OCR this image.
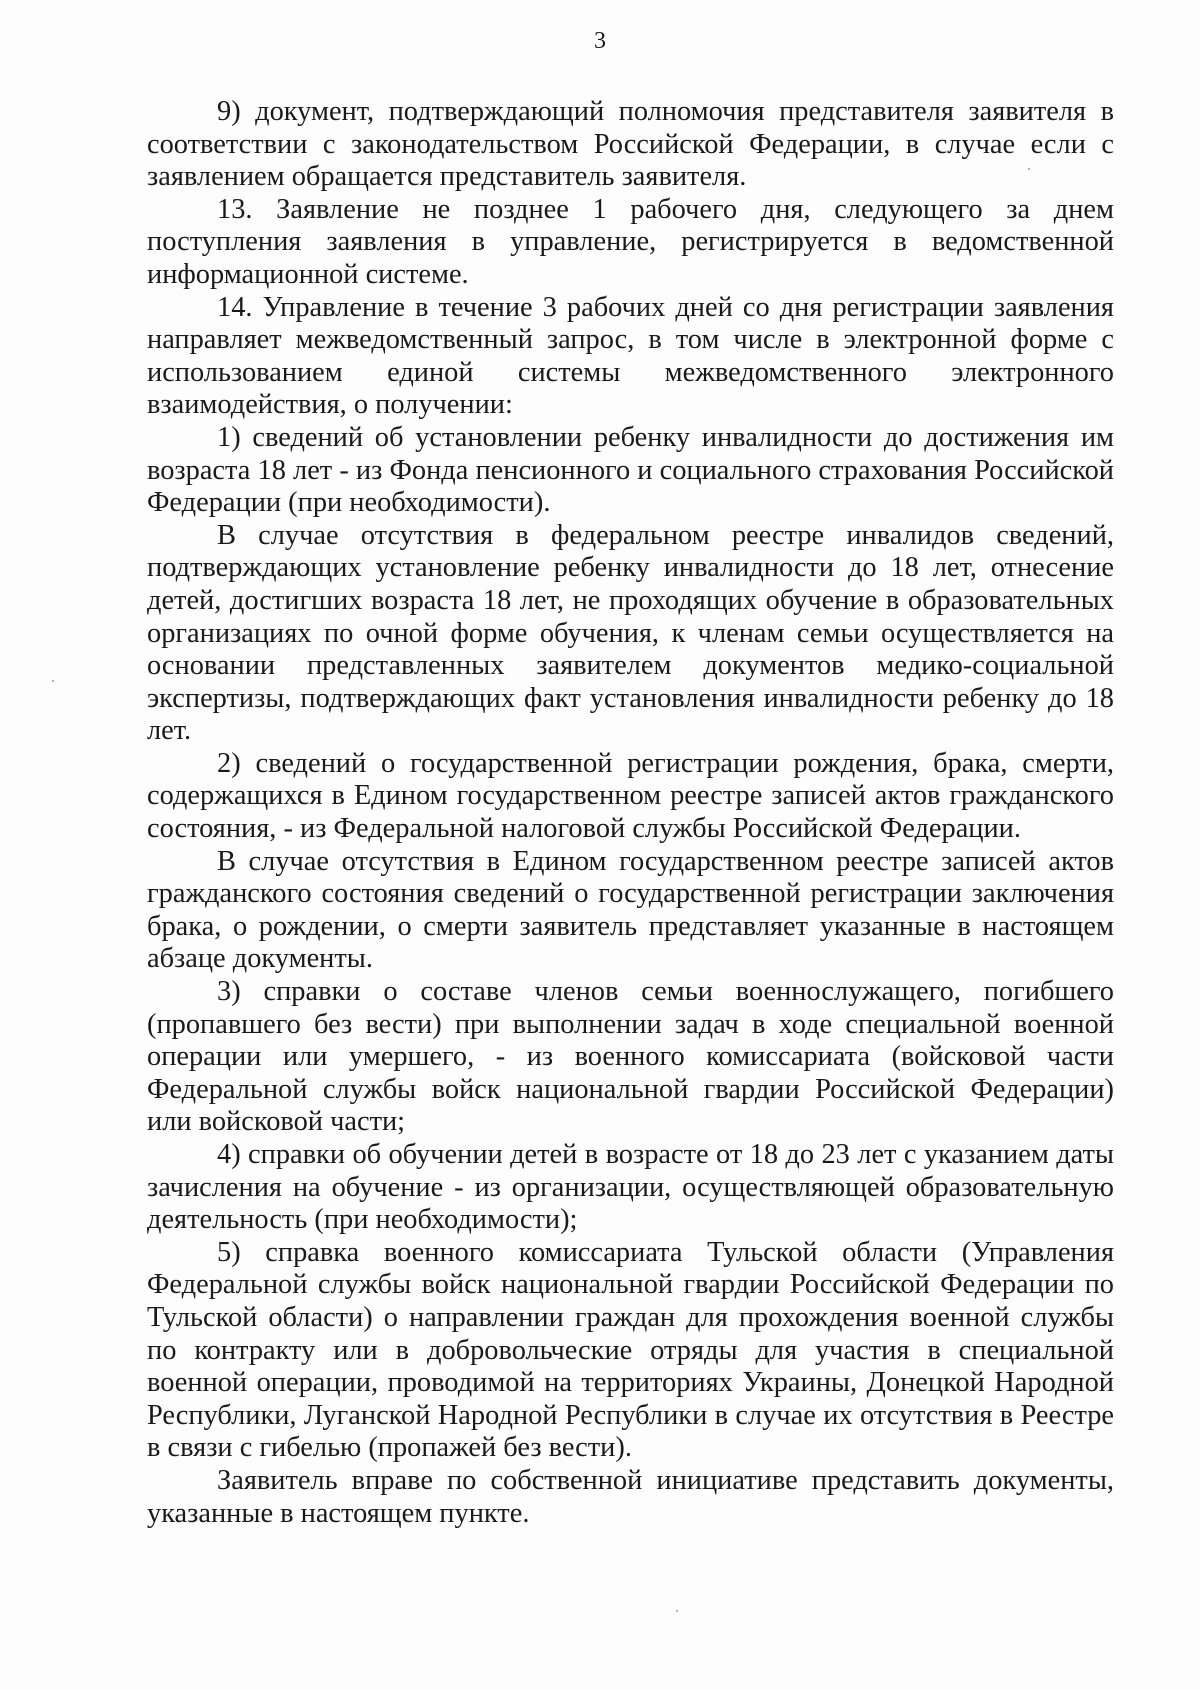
3

9) документ, подтверждающий полномочия представителя заявителя в соответствии с законодательством Российской Федерации, в случае если с заявлением обращается представитель заявителя.

13. Заявление не позднее 1 рабочего дня, следующего за днем поступления заявления в управление, регистрируется в ведомственной информационной системе.

14. Управление в течение 3 рабочих дней со дня регистрации заявления направляет межведомственный запрос, в том числе в электронной форме с использованием единой системы межведомственного электронного взаимодействия, о получении:

1) сведений об установлении ребенку инвалидности до достижения им возраста 18 лет - из Фонда пенсионного и социального страхования Российской Федерации (при необходимости).

В случае отсутствия в федеральном реестре инвалидов сведений, подтверждающих установление ребенку инвалидности до 18 лет, отнесение детей, достигших возраста 18 лет, не проходящих обучение в образовательных организациях по очной форме обучения, к членам семьи осуществляется на основании представленных заявителем документов медико-социальной экспертизы, подтверждающих факт установления инвалидности ребенку до 18 лет.

2) сведений о государственной регистрации рождения, брака, смерти, содержащихся в Едином государственном реестре записей актов гражданского состояния, - из Федеральной налоговой службы Российской Федерации.

В случае отсутствия в Едином государственном реестре записей актов гражданского состояния сведений о государственной регистрации заключения брака, о рождении, о смерти заявитель представляет указанные в настоящем абзаце документы.

3) справки о составе членов семьи военнослужащего, погибшего (пропавшего без вести) при выполнении задач в ходе специальной военной операции или умершего, - из военного комиссариата (войсковой части Федеральной службы войск национальной гвардии Российской Федерации) или войсковой части;

4) справки об обучении детей в возрасте от 18 до 23 лет с указанием даты зачисления на обучение - из организации, осуществляющей образовательную деятельность (при необходимости);

5) справка военного комиссариата Тульской области (Управления Федеральной службы войск национальной гвардии Российской Федерации по Тульской области) о направлении граждан для прохождения военной службы по контракту или в добровольческие отряды для участия в специальной военной операции, проводимой на территориях Украины, Донецкой Народной Республики, Луганской Народной Республики в случае их отсутствия в Реестре в связи с гибелью (пропажей без вести).

Заявитель вправе по собственной инициативе представить документы, указанные в настоящем пункте.
